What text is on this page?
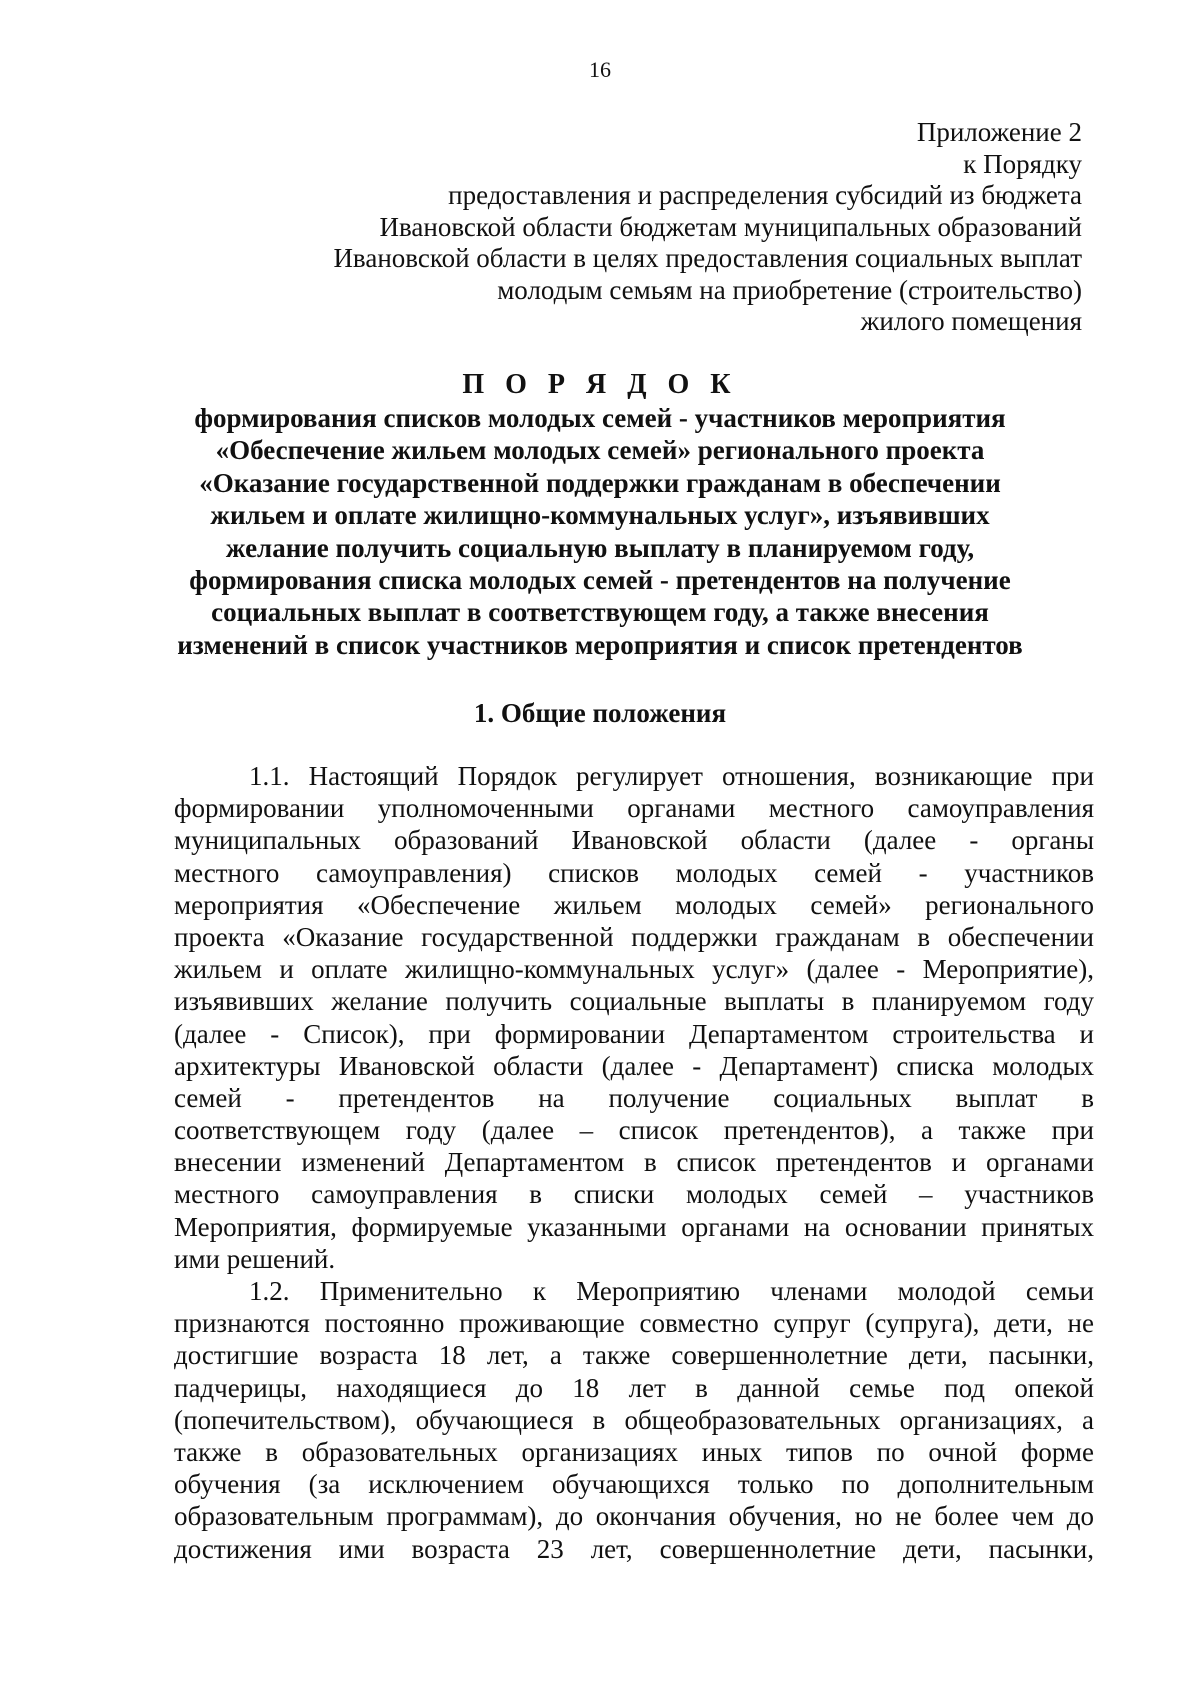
16
Приложение 2
к Порядку
предоставления и распределения субсидий из бюджета
Ивановской области бюджетам муниципальных образований
Ивановской области в целях предоставления социальных выплат
молодым семьям на приобретение (строительство)
жилого помещения
П О Р Я Д О К
формирования списков молодых семей - участников мероприятия
«Обеспечение жильем молодых семей» регионального проекта
«Оказание государственной поддержки гражданам в обеспечении
жильем и оплате жилищно-коммунальных услуг», изъявивших
желание получить социальную выплату в планируемом году,
формирования списка молодых семей - претендентов на получение
социальных выплат в соответствующем году, а также внесения
изменений в список участников мероприятия и список претендентов
1. Общие положения
1.1. Настоящий Порядок регулирует отношения, возникающие при
формировании уполномоченными органами местного самоуправления
муниципальных образований Ивановской области (далее - органы
местного самоуправления) списков молодых семей - участников
мероприятия «Обеспечение жильем молодых семей» регионального
проекта «Оказание государственной поддержки гражданам в обеспечении
жильем и оплате жилищно-коммунальных услуг» (далее - Мероприятие),
изъявивших желание получить социальные выплаты в планируемом году
(далее - Список), при формировании Департаментом строительства и
архитектуры Ивановской области (далее - Департамент) списка молодых
семей - претендентов на получение социальных выплат в
соответствующем году (далее – список претендентов), а также при
внесении изменений Департаментом в список претендентов и органами
местного самоуправления в списки молодых семей – участников
Мероприятия, формируемые указанными органами на основании принятых
ими решений.
1.2. Применительно к Мероприятию членами молодой семьи
признаются постоянно проживающие совместно супруг (супруга), дети, не
достигшие возраста 18 лет, а также совершеннолетние дети, пасынки,
падчерицы, находящиеся до 18 лет в данной семье под опекой
(попечительством), обучающиеся в общеобразовательных организациях, а
также в образовательных организациях иных типов по очной форме
обучения (за исключением обучающихся только по дополнительным
образовательным программам), до окончания обучения, но не более чем до
достижения ими возраста 23 лет, совершеннолетние дети, пасынки,
